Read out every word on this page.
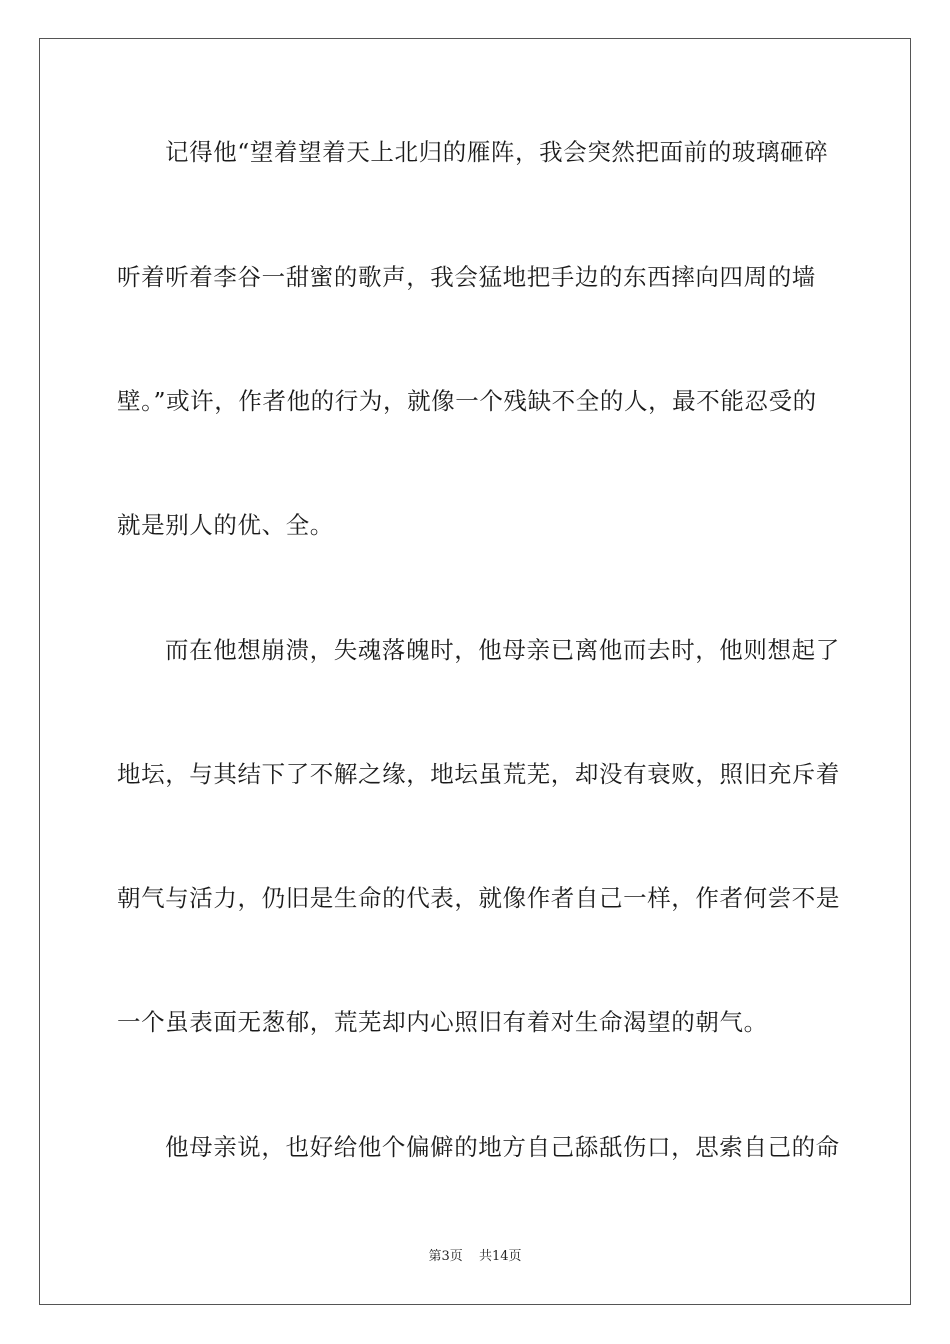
记得他“望着望着天上北归的雁阵，我会突然把面前的玻璃砸碎
听着听着李谷一甜蜜的歌声，我会猛地把手边的东西摔向四周的墙
壁。”或许，作者他的行为，就像一个残缺不全的人，最不能忍受的
就是别人的优、全。
而在他想崩溃，失魂落魄时，他母亲已离他而去时，他则想起了
地坛，与其结下了不解之缘，地坛虽荒芜，却没有衰败，照旧充斥着
朝气与活力，仍旧是生命的代表，就像作者自己一样，作者何尝不是
一个虽表面无葱郁，荒芜却内心照旧有着对生命渴望的朝气。
他母亲说，也好给他个偏僻的地方自己舔舐伤口，思索自己的命
第3页 共14页
